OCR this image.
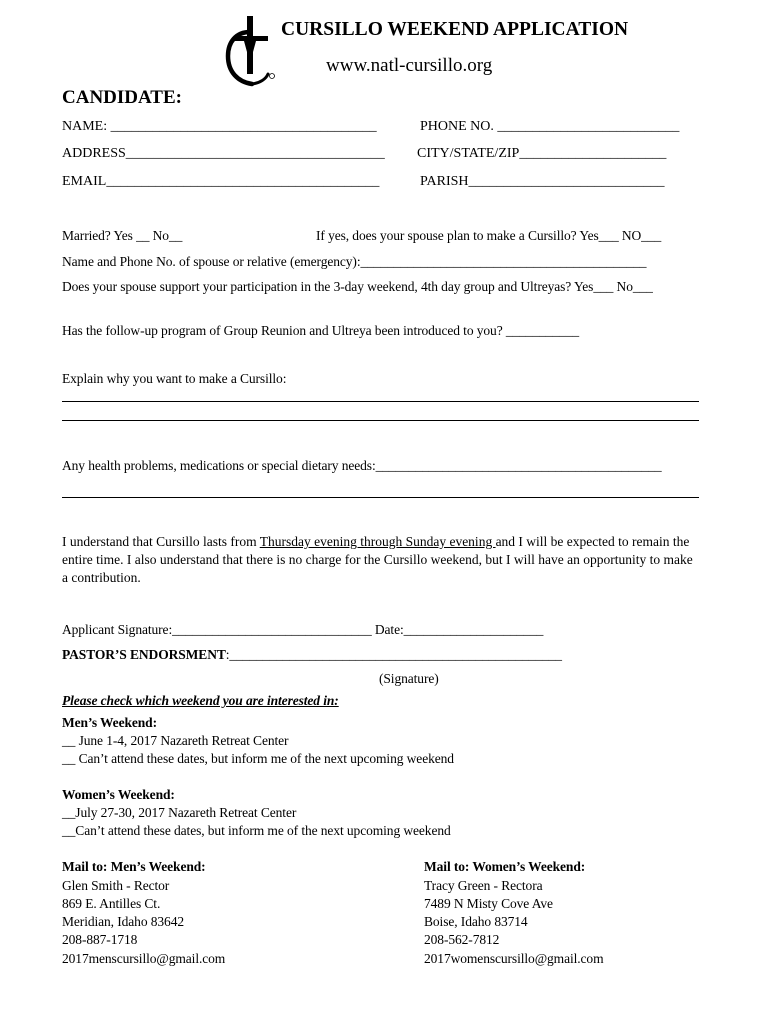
CURSILLO WEEKEND APPLICATION
www.natl-cursillo.org
CANDIDATE:
NAME: ______________________________________	PHONE NO. __________________________
ADDRESS_____________________________________ CITY/STATE/ZIP_____________________
EMAIL_______________________________________	PARISH____________________________
Married? Yes __ No__	If yes, does your spouse plan to make a Cursillo? Yes___ NO___
Name and Phone No. of spouse or relative (emergency):___________________________________________
Does your spouse support your participation in the 3-day weekend, 4th day group and Ultreyas? Yes___ No___
Has the follow-up program of Group Reunion and Ultreya been introduced to you? ___________
Explain why you want to make a Cursillo:
Any health problems, medications or special dietary needs:___________________________________________
I understand that Cursillo lasts from Thursday evening through Sunday evening and I will be expected to remain the entire time. I also understand that there is no charge for the Cursillo weekend, but I will have an opportunity to make a contribution.
Applicant Signature:______________________________ Date:_____________________
PASTOR’S ENDORSMENT:__________________________________________________
(Signature)
Please check which weekend you are interested in:
Men’s Weekend:
__ June 1-4, 2017 Nazareth Retreat Center
__ Can’t attend these dates, but inform me of the next upcoming weekend
Women’s Weekend:
__July 27-30, 2017 Nazareth Retreat Center
__Can’t attend these dates, but inform me of the next upcoming weekend
Mail to: Men’s Weekend:
Glen Smith - Rector
869 E. Antilles Ct.
Meridian, Idaho 83642
208-887-1718
2017menscursillo@gmail.com
Mail to: Women’s Weekend:
Tracy Green - Rectora
7489 N Misty Cove Ave
Boise, Idaho 83714
208-562-7812
2017womenscursillo@gmail.com
